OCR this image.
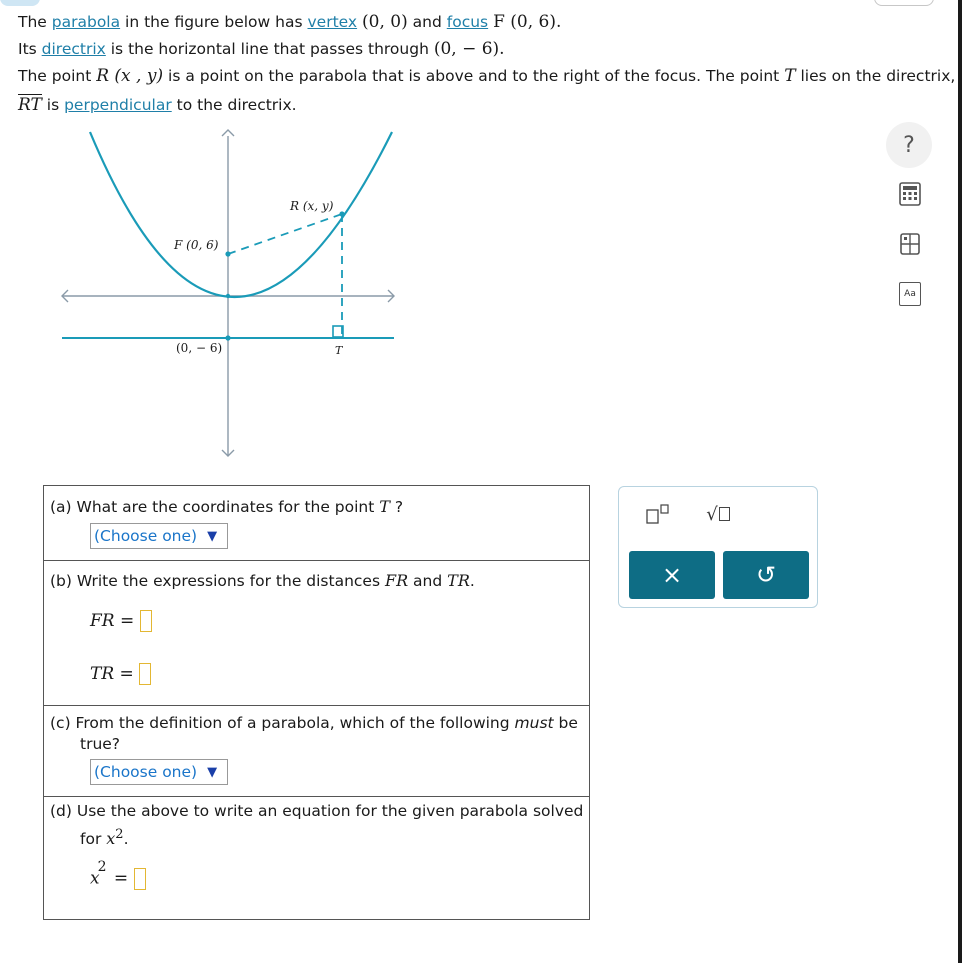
The parabola in the figure below has vertex (0, 0) and focus F (0, 6).
Its directrix is the horizontal line that passes through (0, − 6).
The point R (x , y) is a point on the parabola that is above and to the right of the focus. The point T lies on the directrix,
RT is perpendicular to the directrix.
R (x, y)
F (0, 6)
(0, − 6)	T
?
Aa
(a) What are the coordinates for the point T ?
(Choose one) ▼
(b) Write the expressions for the distances FR and TR.
FR =
TR =
(c) From the definition of a parabola, which of the following must be
true?
(Choose one) ▼
(d) Use the above to write an equation for the given parabola solved
for $x^2$.
$x^2$ =
√
×	↺
